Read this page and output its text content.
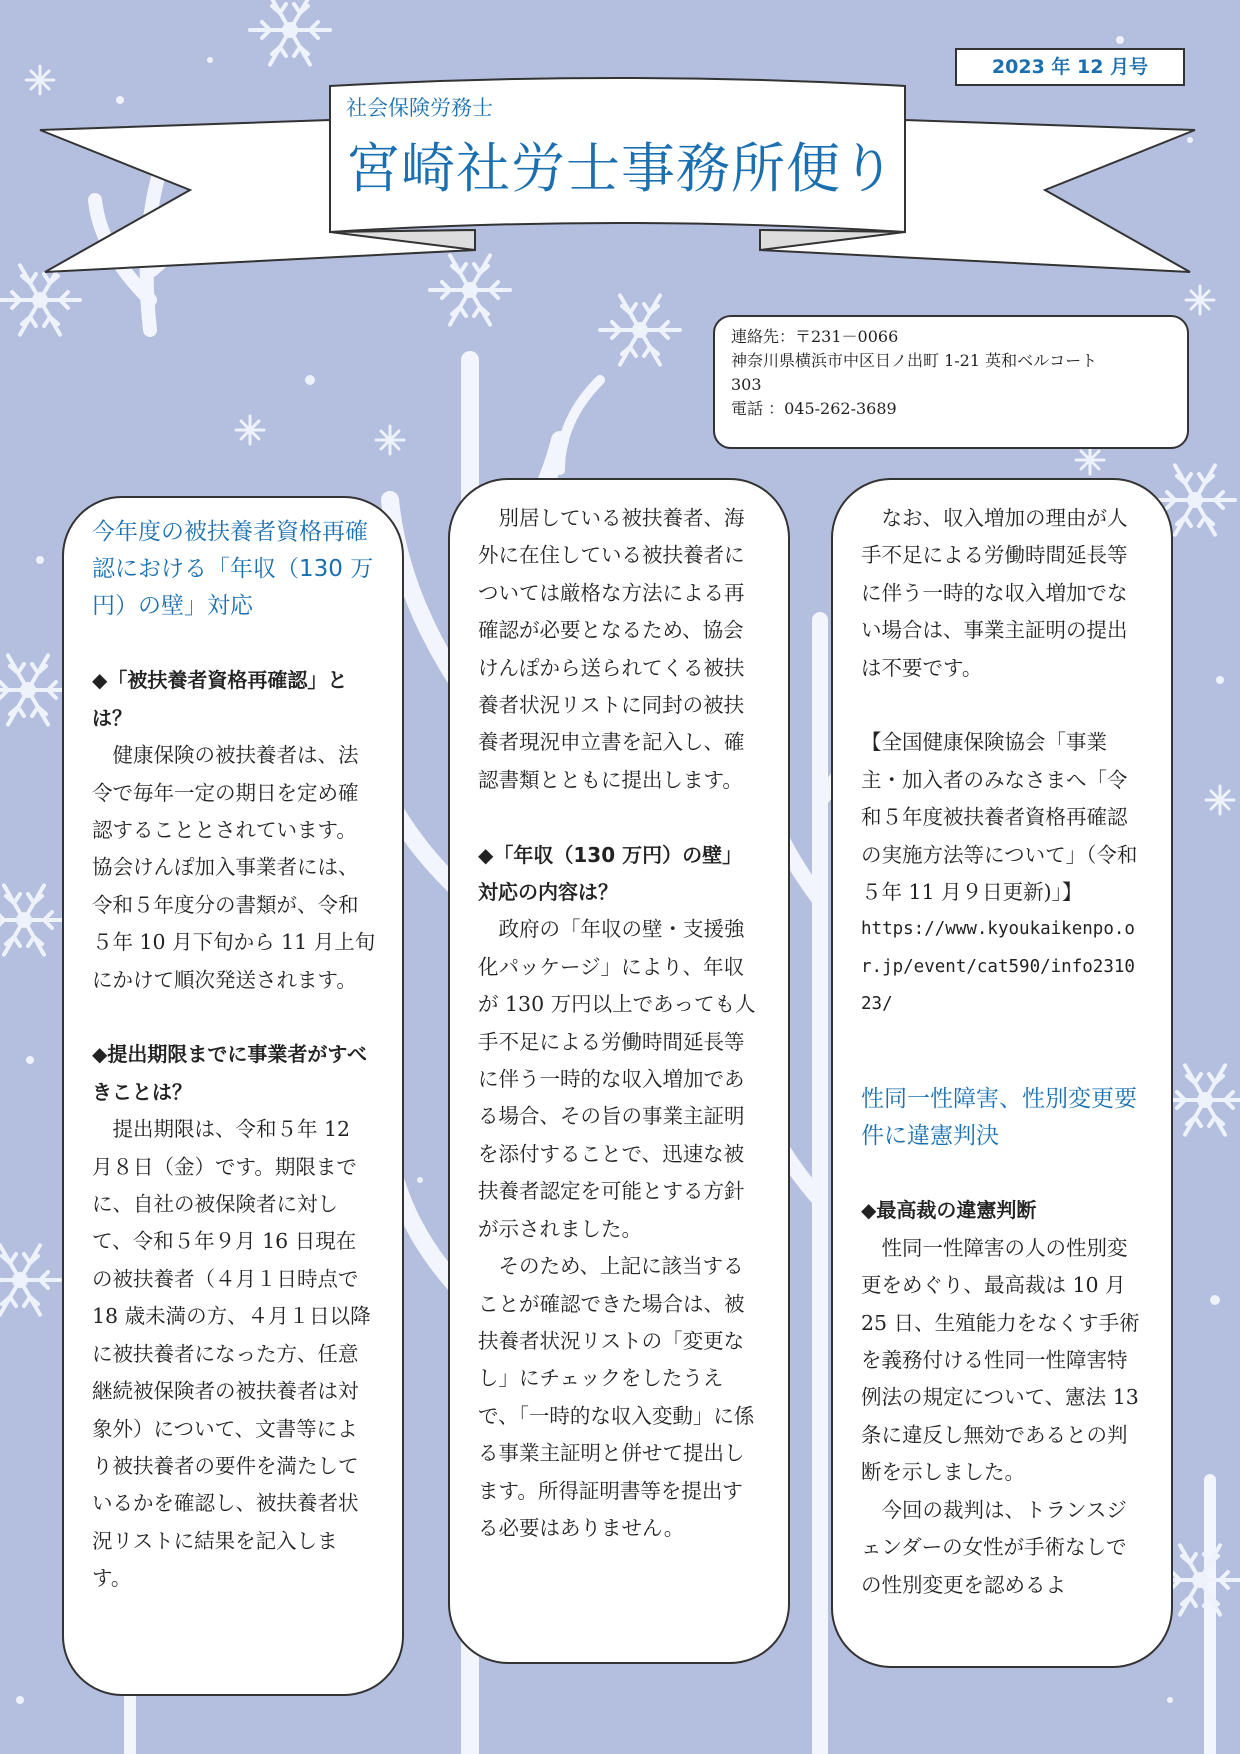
2023 年 12 月号
社会保険労務士
宮崎社労士事務所便り
連絡先：〒231－0066
神奈川県横浜市中区日ノ出町 1-21 英和ベルコート
303
電話 ：045-262-3689

今年度の被扶養者資格再確認における「年収（130 万円）の壁」対応

◆「被扶養者資格再確認」とは？

健康保険の被扶養者は、法令で毎年一定の期日を定め確認することとされています。協会けんぽ加入事業者には、令和５年度分の書類が、令和５年 10 月下旬から 11 月上旬にかけて順次発送されます。

◆提出期限までに事業者がすべきことは？

提出期限は、令和５年 12 月８日（金）です。期限までに、自社の被保険者に対して、令和５年９月 16 日現在の被扶養者（４月１日時点で 18 歳未満の方、４月１日以降に被扶養者になった方、任意継続被保険者の被扶養者は対象外）について、文書等により被扶養者の要件を満たしているかを確認し、被扶養者状況リストに結果を記入します。

別居している被扶養者、海外に在住している被扶養者については厳格な方法による再確認が必要となるため、協会けんぽから送られてくる被扶養者状況リストに同封の被扶養者現況申立書を記入し、確認書類とともに提出します。

◆「年収（130 万円）の壁」対応の内容は？

政府の「年収の壁・支援強化パッケージ」により、年収が 130 万円以上であっても人手不足による労働時間延長等に伴う一時的な収入増加である場合、その旨の事業主証明を添付することで、迅速な被扶養者認定を可能とする方針が示されました。

そのため、上記に該当することが確認できた場合は、被扶養者状況リストの「変更なし」にチェックをしたうえで、「一時的な収入変動」に係る事業主証明と併せて提出します。所得証明書等を提出する必要はありません。

なお、収入増加の理由が人手不足による労働時間延長等に伴う一時的な収入増加でない場合は、事業主証明の提出は不要です。

【全国健康保険協会「事業主・加入者のみなさまへ「令和５年度被扶養者資格再確認の実施方法等について」（令和５年 11 月９日更新)」】

https://www.kyoukaikenpo.or.jp/event/cat590/info231023/

性同一性障害、性別変更要件に違憲判決

◆最高裁の違憲判断

性同一性障害の人の性別変更をめぐり、最高裁は 10 月 25 日、生殖能力をなくす手術を義務付ける性同一性障害特例法の規定について、憲法 13 条に違反し無効であるとの判断を示しました。

今回の裁判は、トランスジェンダーの女性が手術なしでの性別変更を認めるよ
